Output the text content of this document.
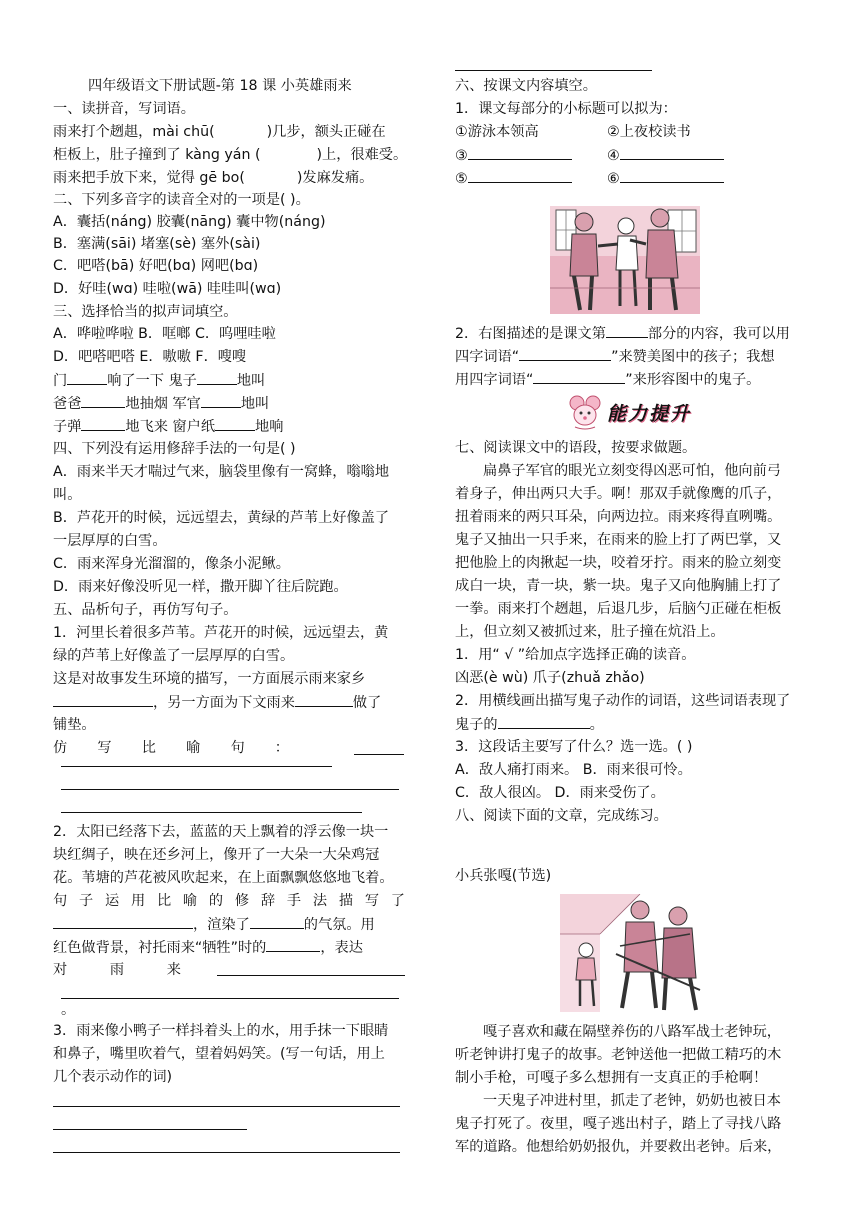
四年级语文下册试题-第 18 课 小英雄雨来
一、读拼音，写词语。
雨来打个趔趄，mài chū(	)几步，额头正碰在
柜板上，肚子撞到了 kàng yán (	)上，很难受。
雨来把手放下来，觉得 gē bo(	)发麻发痛。
二、下列多音字的读音全对的一项是( )。
A．囊括(náng) 胶囊(nāng) 囊中物(náng)
B．塞满(sāi) 堵塞(sè) 塞外(sài)
C．吧嗒(bā) 好吧(bɑ) 网吧(bɑ)
D．好哇(wɑ) 哇啦(wā) 哇哇叫(wɑ)
三、选择恰当的拟声词填空。
A．哗啦哗啦 B．哐啷 C．呜哩哇啦
D．吧嗒吧嗒 E．嗷嗷 F．嗖嗖
门	响了一下 鬼子	地叫
爸爸	地抽烟 军官	地叫
子弹	地飞来 窗户纸	地响
四、下列没有运用修辞手法的一句是( )
A．雨来半天才喘过气来，脑袋里像有一窝蜂，嗡嗡地
叫。
B．芦花开的时候，远远望去，黄绿的芦苇上好像盖了
一层厚厚的白雪。
C．雨来浑身光溜溜的，像条小泥鳅。
D．雨来好像没听见一样，撒开脚丫往后院跑。
五、品析句子，再仿写句子。
1．河里长着很多芦苇。芦花开的时候，远远望去，黄
绿的芦苇上好像盖了一层厚厚的白雪。
这是对故事发生环境的描写，一方面展示雨来家乡
，另一方面为下文雨来	做了
铺垫。
仿 写 比 喻 句 ：
2．太阳已经落下去，蓝蓝的天上飘着的浮云像一块一
块红绸子，映在还乡河上，像开了一大朵一大朵鸡冠
花。苇塘的芦花被风吹起来，在上面飘飘悠悠地飞着。
句 子 运 用 比 喻 的 修 辞 手 法 描 写 了
，渲染了	的气氛。用
红色做背景，衬托雨来“牺牲”时的	，表达
对	雨	来
。
3．雨来像小鸭子一样抖着头上的水，用手抹一下眼睛
和鼻子，嘴里吹着气，望着妈妈笑。(写一句话，用上
几个表示动作的词)
六、按课文内容填空。
1．课文每部分的小标题可以拟为：
①游泳本领高	②上夜校读书
③	④
⑤	⑥
2．右图描述的是课文第	部分的内容，我可以用
四字词语“	”来赞美图中的孩子；我想
用四字词语“	”来形容图中的鬼子。
能力提升
七、阅读课文中的语段，按要求做题。
扁鼻子军官的眼光立刻变得凶恶可怕，他向前弓
着身子，伸出两只大手。啊！那双手就像鹰的爪子，
扭着雨来的两只耳朵，向两边拉。雨来疼得直咧嘴。
鬼子又抽出一只手来，在雨来的脸上打了两巴掌，又
把他脸上的肉揪起一块，咬着牙拧。雨来的脸立刻变
成白一块，青一块，紫一块。鬼子又向他胸脯上打了
一拳。雨来打个趔趄，后退几步，后脑勺正碰在柜板
上，但立刻又被抓过来，肚子撞在炕沿上。
1．用“ √ ”给加点字选择正确的读音。
凶恶(è wù) 爪子(zhuǎ zhǎo)
2．用横线画出描写鬼子动作的词语，这些词语表现了
鬼子的	。
3．这段话主要写了什么？选一选。( )
A．敌人痛打雨来。 B．雨来很可怜。
C．敌人很凶。 D．雨来受伤了。
八、阅读下面的文章，完成练习。
小兵张嘎(节选)
嘎子喜欢和藏在隔壁养伤的八路军战士老钟玩，
听老钟讲打鬼子的故事。老钟送他一把做工精巧的木
制小手枪，可嘎子多么想拥有一支真正的手枪啊！
一天鬼子冲进村里，抓走了老钟，奶奶也被日本
鬼子打死了。夜里，嘎子逃出村子，踏上了寻找八路
军的道路。他想给奶奶报仇，并要救出老钟。后来，
